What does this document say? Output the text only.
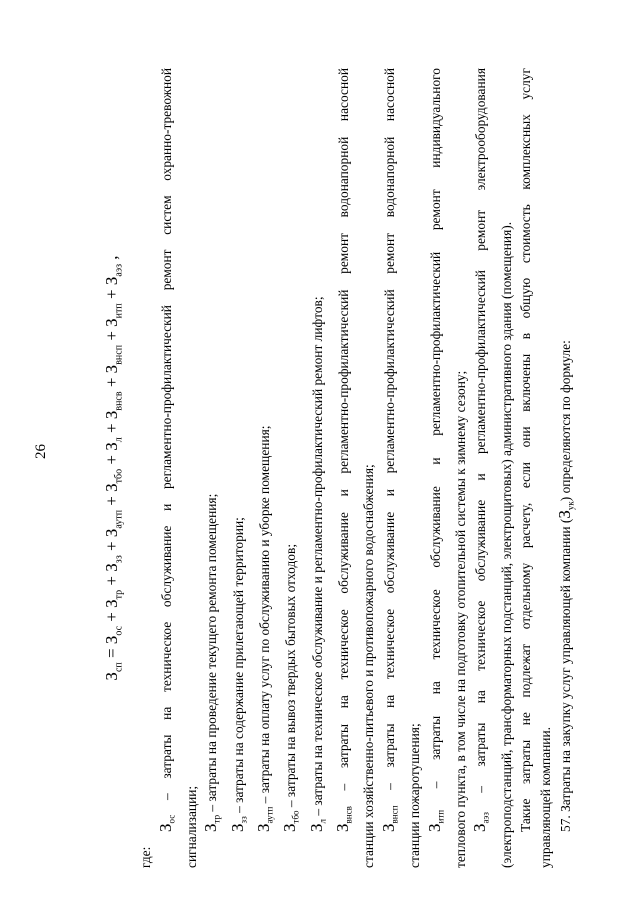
26
$З_{сп} = З_{ос} + З_{тр} + З_{зз} + З_{аутп} + З_{тбо} + З_л + З_{внсв} + З_{внсп} + З_{итп} + З_{аэз}$ ,
где:
$З_{ос}$ – затраты на техническое обслуживание и регламентно-профилактический ремонт систем охранно-тревожной
сигнализации; $З_{тр}$ – затраты на проведение текущего ремонта помещения;
$З_{зз}$ – затраты на содержание прилегающей территории;
$З_{аутп}$ – затраты на оплату услуг по обслуживанию и уборке помещения;
$З_{тбо}$ – затраты на вывоз твердых бытовых отходов;
$З_л$ – затраты на техническое обслуживание и регламентно-профилактический ремонт лифтов;
$З_{внсв}$ – затраты на техническое обслуживание и регламентно-профилактический ремонт водонапорной насосной станции хозяйственно-питьевого и противопожарного водоснабжения; $З_{внсп}$ – затраты на техническое обслуживание и регламентно-профилактический ремонт водонапорной насосной станции пожаротушения; $З_{итп}$ – затраты на техническое обслуживание и регламентно-профилактический ремонт индивидуального теплового пункта, в том числе на подготовку отопительной системы к зимнему сезону; $З_{аэз}$ – затраты на техническое обслуживание и регламентно-профилактический ремонт электрооборудования (электроподстанций, трансформаторных подстанций, электрощитовых) административного здания (помещения). Такие затраты не подлежат отдельному расчету, если они включены в общую стоимость комплексных услуг управляющей компании. 57. Затраты на закупку услуг управляющей компании $(З_{ук})$ определяются по формуле:
